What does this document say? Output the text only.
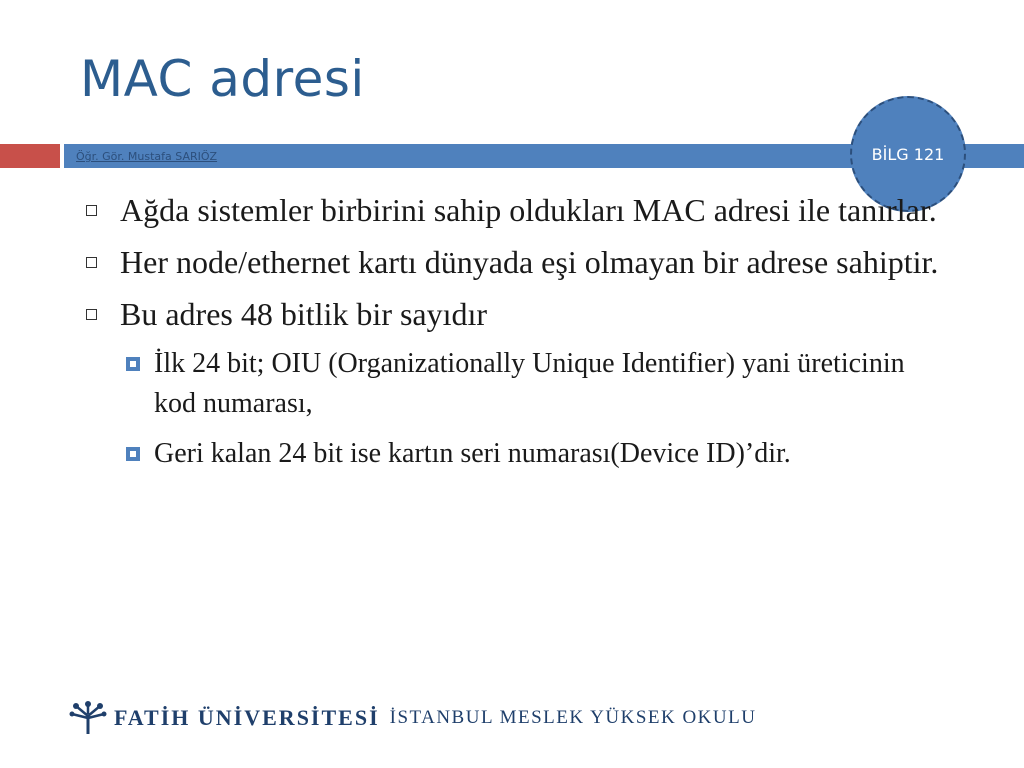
MAC adresi
Öğr. Gör. Mustafa SARIÖZ	BİLG 121
Ağda sistemler birbirini sahip oldukları MAC adresi ile tanırlar.
Her node/ethernet kartı dünyada eşi olmayan bir adrese sahiptir.
Bu adres 48 bitlik bir sayıdır
İlk 24 bit; OIU (Organizationally Unique Identifier) yani üreticinin kod numarası,
Geri kalan 24 bit ise kartın seri numarası(Device ID)’dir.
FATİH ÜNİVERSİTESİ İSTANBUL MESLEK YÜKSEK OKULU
